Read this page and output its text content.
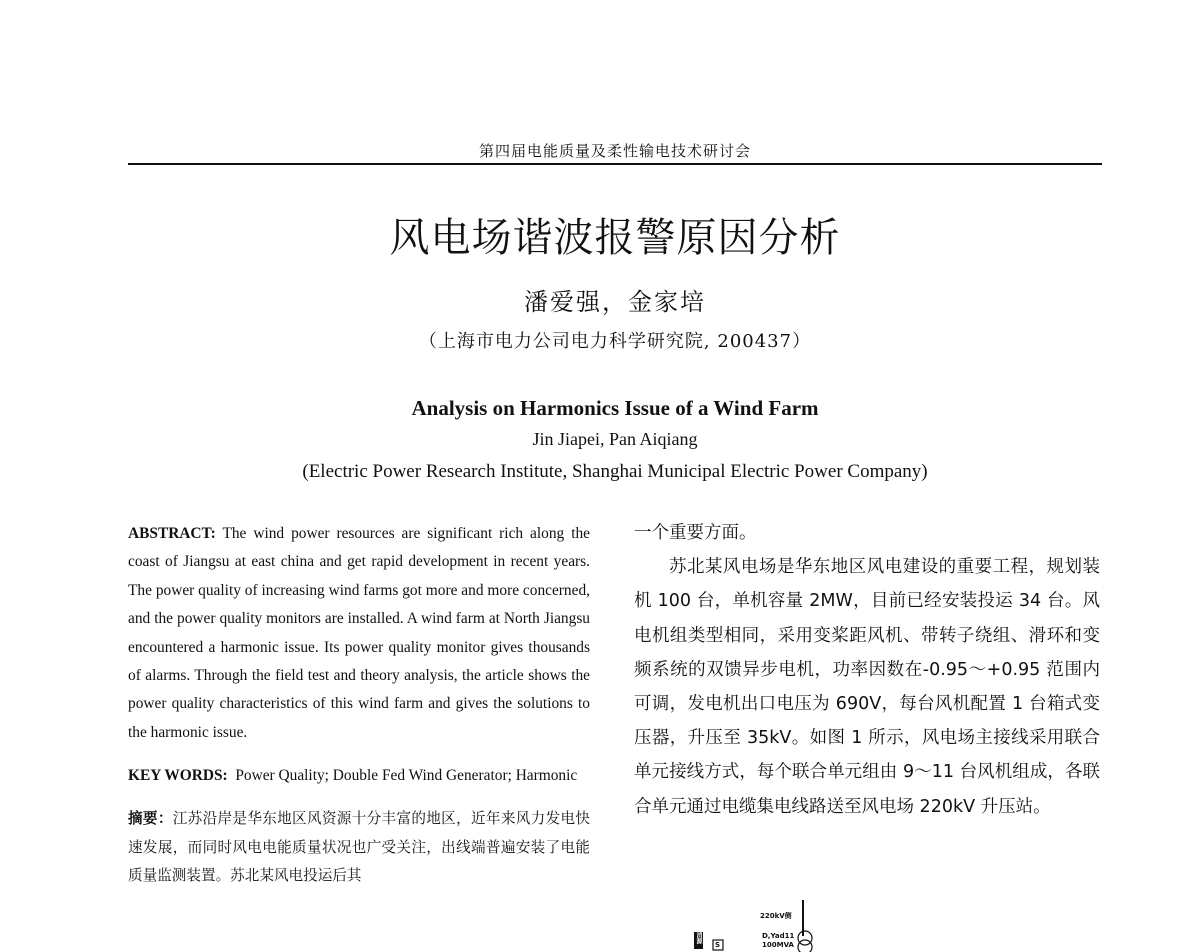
第四届电能质量及柔性输电技术研讨会
风电场谐波报警原因分析
潘爱强，金家培
（上海市电力公司电力科学研究院, 200437）
Analysis on Harmonics Issue of a Wind Farm
Jin Jiapei, Pan Aiqiang
(Electric Power Research Institute, Shanghai Municipal Electric Power Company)

ABSTRACT: The wind power resources are significant rich along the coast of Jiangsu at east china and get rapid development in recent years. The power quality of increasing wind farms got more and more concerned, and the power quality monitors are installed. A wind farm at North Jiangsu encountered a harmonic issue. Its power quality monitor gives thousands of alarms. Through the field test and theory analysis, the article shows the power quality characteristics of this wind farm and gives the solutions to the harmonic issue.

KEY WORDS: Power Quality; Double Fed Wind Generator; Harmonic

摘要：江苏沿岸是华东地区风资源十分丰富的地区，近年来风力发电快速发展，而同时风电电能质量状况也广受关注，出线端普遍安装了电能质量监测装置。苏北某风电投运后其

一个重要方面。

苏北某风电场是华东地区风电建设的重要工程，规划装机 100 台，单机容量 2MW，目前已经安装投运 34 台。风电机组类型相同，采用变桨距风机、带转子绕组、滑环和变频系统的双馈异步电机，功率因数在-0.95～+0.95 范围内可调，发电机出口电压为 690V，每台风机配置 1 台箱式变压器，升压至 35kV。如图 1 所示，风电场主接线采用联合单元接线方式，每个联合单元组由 9～11 台风机组成，各联合单元通过电缆集电线路送至风电场 220kV 升压站。

220kV侧
D,Yad11
100MVA
消源
S
